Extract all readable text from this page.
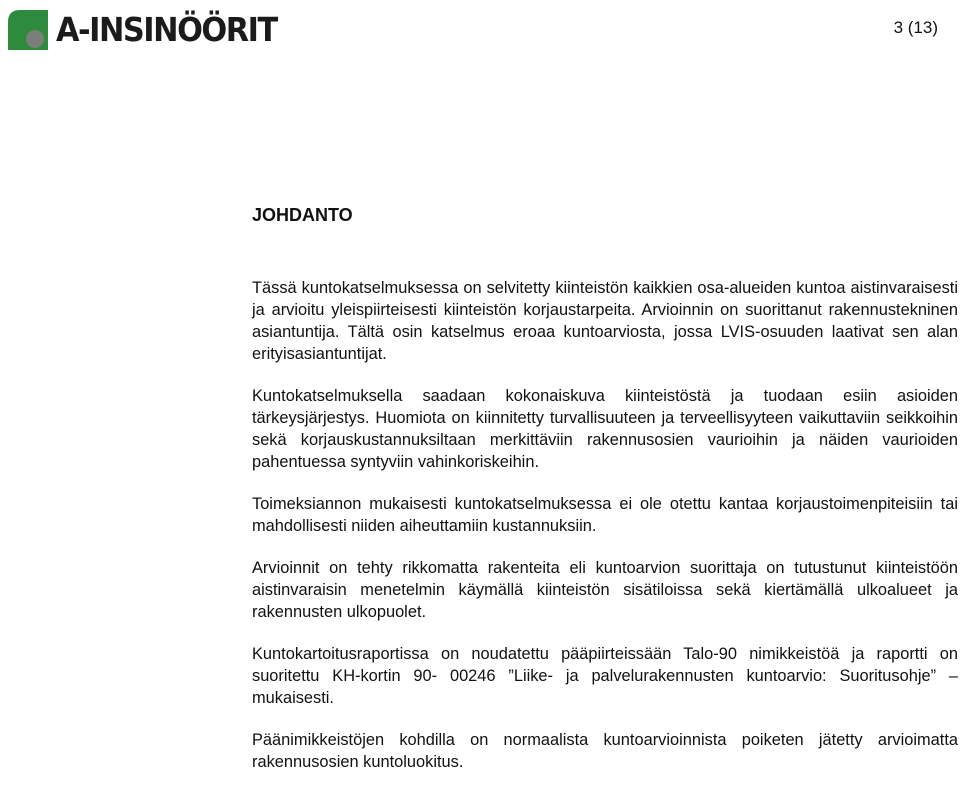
A-INSINÖÖRIT	3 (13)
JOHDANTO

Tässä kuntokatselmuksessa on selvitetty kiinteistön kaikkien osa-alueiden kuntoa aistinvaraisesti ja arvioitu yleispiirteisesti kiinteistön korjaustarpeita. Arvioinnin on suorittanut rakennustekninen asiantuntija. Tältä osin katselmus eroaa kuntoarviosta, jossa LVIS-osuuden laativat sen alan erityisasiantuntijat.

Kuntokatselmuksella saadaan kokonaiskuva kiinteistöstä ja tuodaan esiin asioiden tärkeysjärjestys. Huomiota on kiinnitetty turvallisuuteen ja terveellisyyteen vaikuttaviin seikkoihin sekä korjauskustannuksiltaan merkittäviin rakennusosien vaurioihin ja näiden vaurioiden pahentuessa syntyviin vahinkoriskeihin.

Toimeksiannon mukaisesti kuntokatselmuksessa ei ole otettu kantaa korjaustoimenpiteisiin tai mahdollisesti niiden aiheuttamiin kustannuksiin.

Arvioinnit on tehty rikkomatta rakenteita eli kuntoarvion suorittaja on tutustunut kiinteistöön aistinvaraisin menetelmin käymällä kiinteistön sisätiloissa sekä kiertämällä ulkoalueet ja rakennusten ulkopuolet.

Kuntokartoitusraportissa on noudatettu pääpiirteissään Talo-90 nimikkeistöä ja raportti on suoritettu KH-kortin 90- 00246 ”Liike- ja palvelurakennusten kuntoarvio: Suoritusohje” – mukaisesti.

Päänimikkeistöjen kohdilla on normaalista kuntoarvioinnista poiketen jätetty arvioimatta rakennusosien kuntoluokitus.
